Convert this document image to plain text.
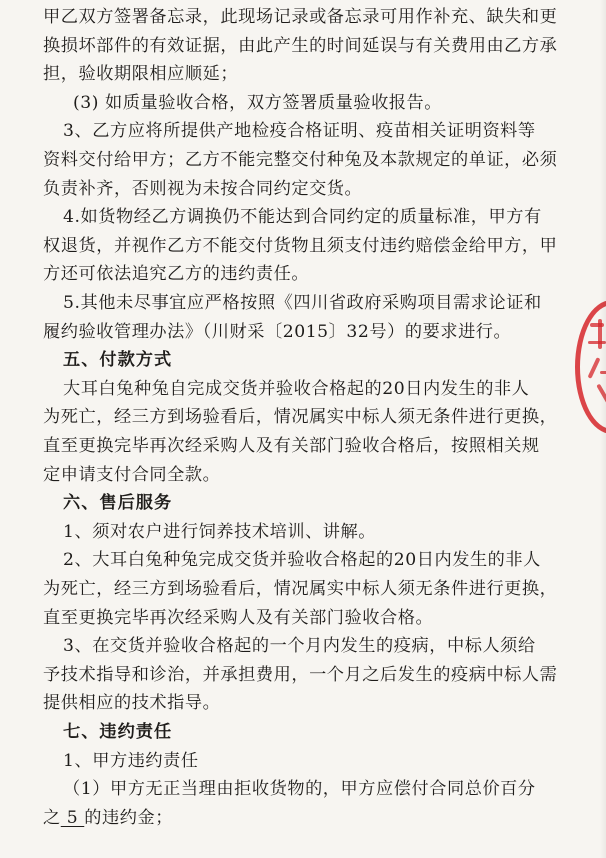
甲乙双方签署备忘录，此现场记录或备忘录可用作补充、缺失和更
换损坏部件的有效证据，由此产生的时间延误与有关费用由乙方承
担，验收期限相应顺延；
(3) 如质量验收合格，双方签署质量验收报告。
3、乙方应将所提供产地检疫合格证明、疫苗相关证明资料等
资料交付给甲方；乙方不能完整交付种兔及本款规定的单证，必须
负责补齐，否则视为未按合同约定交货。
4.如货物经乙方调换仍不能达到合同约定的质量标准，甲方有
权退货，并视作乙方不能交付货物且须支付违约赔偿金给甲方，甲
方还可依法追究乙方的违约责任。
5.其他未尽事宜应严格按照《四川省政府采购项目需求论证和
履约验收管理办法》（川财采〔2015〕32号）的要求进行。
五、付款方式
大耳白兔种兔自完成交货并验收合格起的20日内发生的非人
为死亡，经三方到场验看后，情况属实中标人须无条件进行更换，
直至更换完毕再次经采购人及有关部门验收合格后，按照相关规
定申请支付合同全款。
六、售后服务
1、须对农户进行饲养技术培训、讲解。
2、大耳白兔种兔完成交货并验收合格起的20日内发生的非人
为死亡，经三方到场验看后，情况属实中标人须无条件进行更换，
直至更换完毕再次经采购人及有关部门验收合格。
3、在交货并验收合格起的一个月内发生的疫病，中标人须给
予技术指导和诊治，并承担费用，一个月之后发生的疫病中标人需
提供相应的技术指导。
七、违约责任
1、甲方违约责任
（1）甲方无正当理由拒收货物的，甲方应偿付合同总价百分
之 5 的违约金；
